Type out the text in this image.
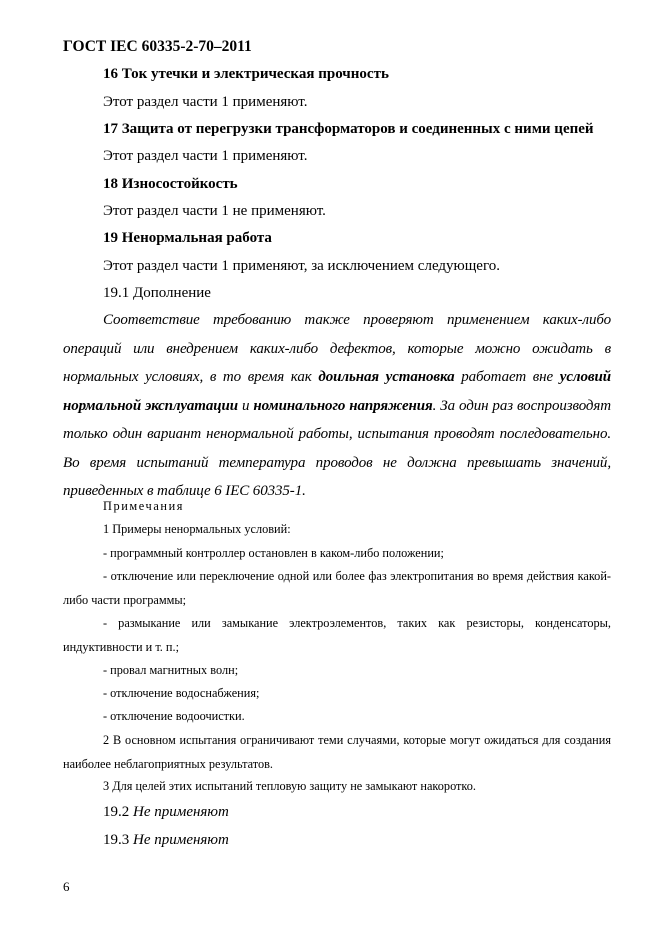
ГОСТ IEC 60335-2-70–2011
16 Ток утечки и электрическая прочность
Этот раздел части 1 применяют.
17 Защита от перегрузки трансформаторов и соединенных с ними цепей
Этот раздел части 1 применяют.
18 Износостойкость
Этот раздел части 1 не применяют.
19 Ненормальная работа
Этот раздел части 1 применяют, за исключением следующего.
19.1 Дополнение
Соответствие требованию также проверяют применением каких-либо операций или внедрением каких-либо дефектов, которые можно ожидать в нормальных условиях, в то время как доильная установка работает вне условий нормальной эксплуатации и номинального напряжения. За один раз воспроизводят только один вариант ненормальной работы, испытания проводят последовательно. Во время испытаний температура проводов не должна превышать значений, приведенных в таблице 6 IEC 60335-1.
Примечания
1 Примеры ненормальных условий:
- программный контроллер остановлен в каком-либо положении;
- отключение или переключение одной или более фаз электропитания во время действия какой-либо части программы;
- размыкание или замыкание электроэлементов, таких как резисторы, конденсаторы, индуктивности и т. п.;
- провал магнитных волн;
- отключение водоснабжения;
- отключение водоочистки.
2 В основном испытания ограничивают теми случаями, которые могут ожидаться для создания наиболее неблагоприятных результатов.
3 Для целей этих испытаний тепловую защиту не замыкают накоротко.
19.2 Не применяют
19.3 Не применяют
6
